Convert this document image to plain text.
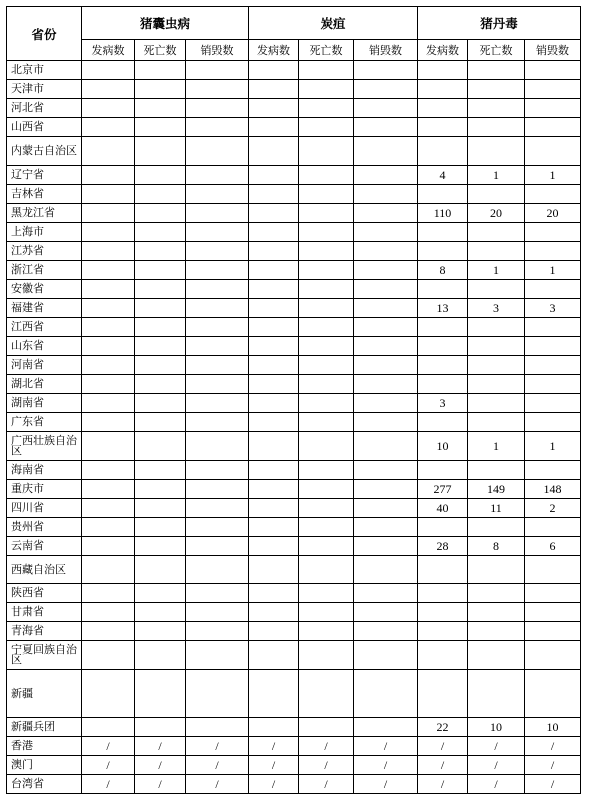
省份	猪囊虫病			炭疽			猪丹毒		
	发病数	死亡数	销毁数	发病数	死亡数	销毁数	发病数	死亡数	销毁数
北京市									
天津市									
河北省									
山西省									
内蒙古自治区									
辽宁省							4	1	1
吉林省									
黑龙江省							110	20	20
上海市									
江苏省									
浙江省							8	1	1
安徽省									
福建省							13	3	3
江西省									
山东省									
河南省									
湖北省									
湖南省							3		
广东省									
广西壮族自治区							10	1	1
海南省									
重庆市							277	149	148
四川省							40	11	2
贵州省									
云南省							28	8	6
西藏自治区									
陕西省									
甘肃省									
青海省									
宁夏回族自治区									
新疆									
新疆兵团							22	10	10
香港	/	/	/	/	/	/	/	/	/
澳门	/	/	/	/	/	/	/	/	/
台湾省	/	/	/	/	/	/	/	/	/
